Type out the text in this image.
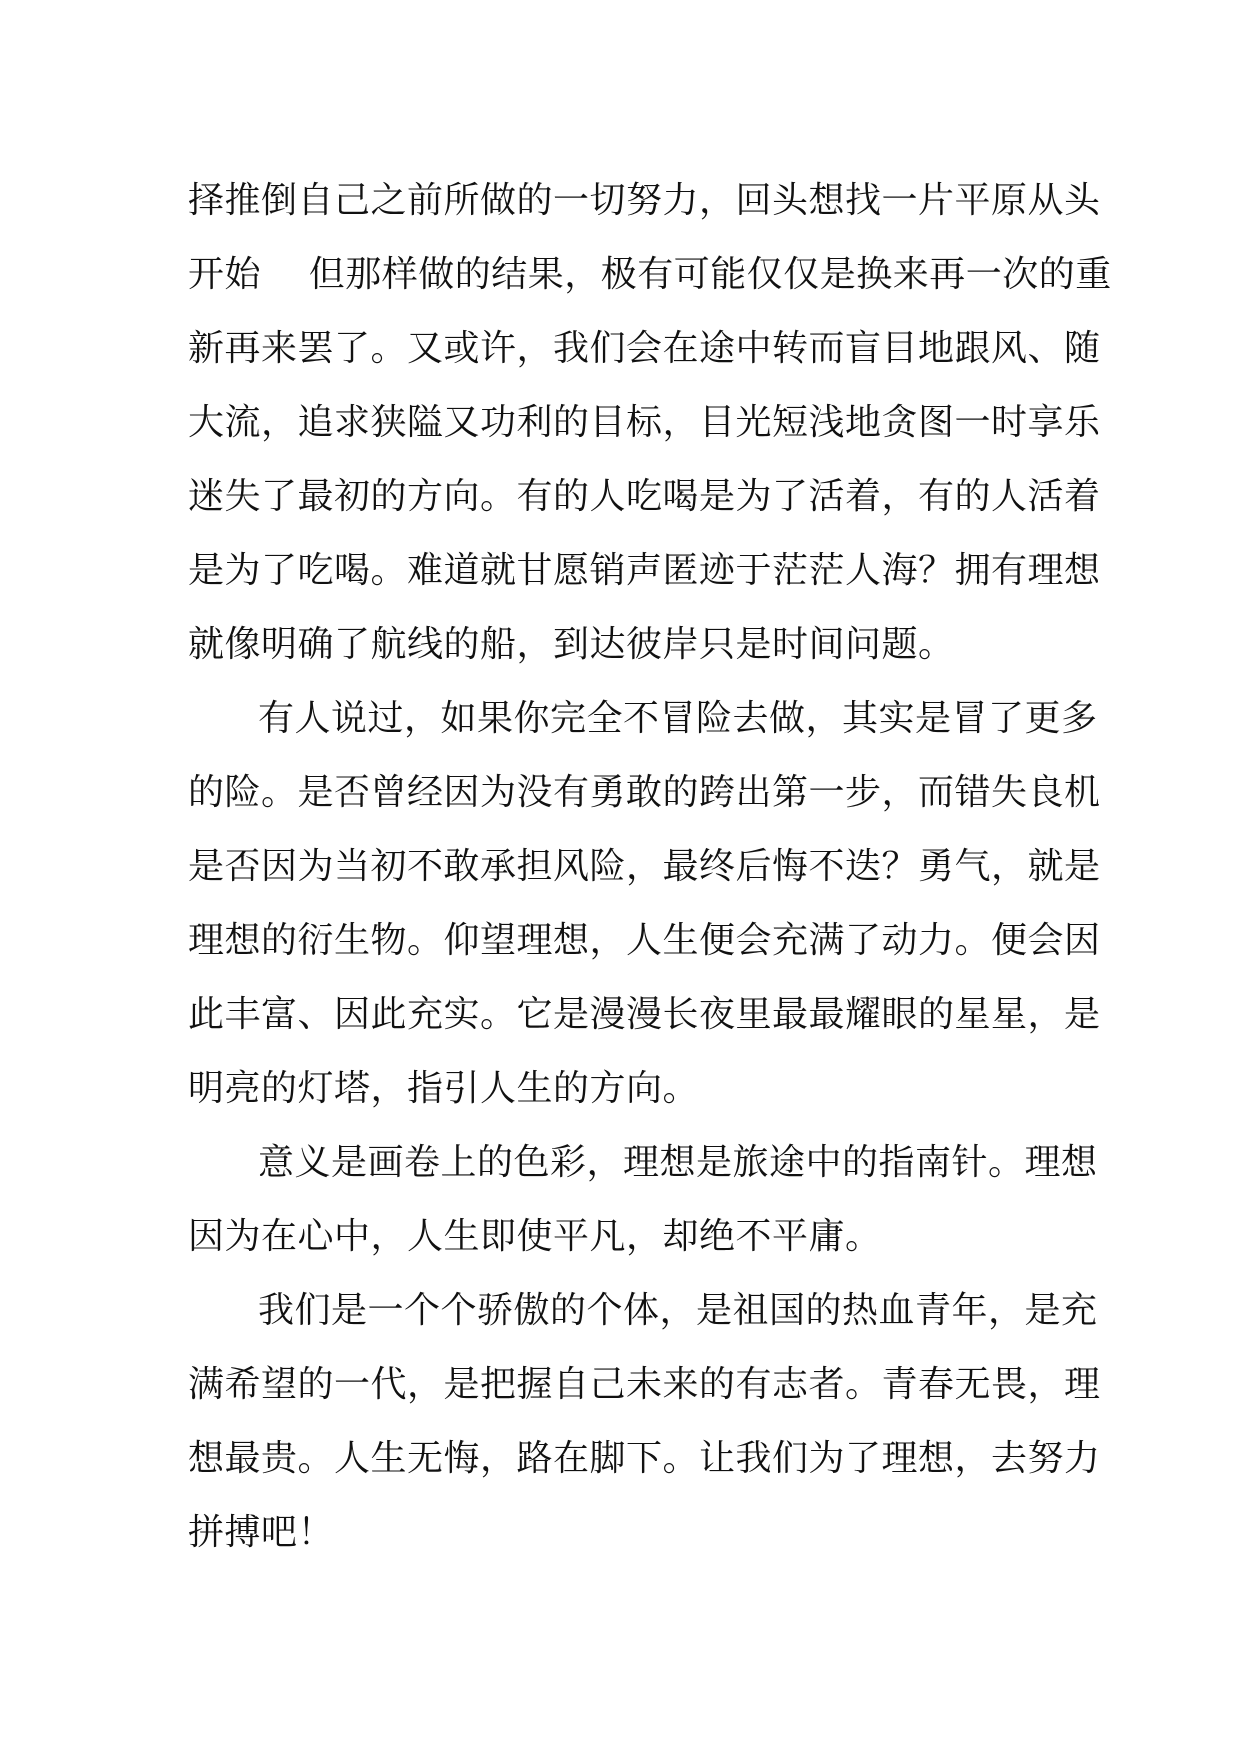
择推倒自己之前所做的一切努力，回头想找一片平原从头
开始    但那样做的结果，极有可能仅仅是换来再一次的重
新再来罢了。又或许，我们会在途中转而盲目地跟风、随
大流，追求狭隘又功利的目标，目光短浅地贪图一时享乐
迷失了最初的方向。有的人吃喝是为了活着，有的人活着
是为了吃喝。难道就甘愿销声匿迹于茫茫人海？拥有理想
就像明确了航线的船，到达彼岸只是时间问题。
有人说过，如果你完全不冒险去做，其实是冒了更多
的险。是否曾经因为没有勇敢的跨出第一步，而错失良机
是否因为当初不敢承担风险，最终后悔不迭？勇气，就是
理想的衍生物。仰望理想，人生便会充满了动力。便会因
此丰富、因此充实。它是漫漫长夜里最最耀眼的星星，是
明亮的灯塔，指引人生的方向。
意义是画卷上的色彩，理想是旅途中的指南针。理想
因为在心中，人生即使平凡，却绝不平庸。
我们是一个个骄傲的个体，是祖国的热血青年，是充
满希望的一代，是把握自己未来的有志者。青春无畏，理
想最贵。人生无悔，路在脚下。让我们为了理想，去努力
拼搏吧！
